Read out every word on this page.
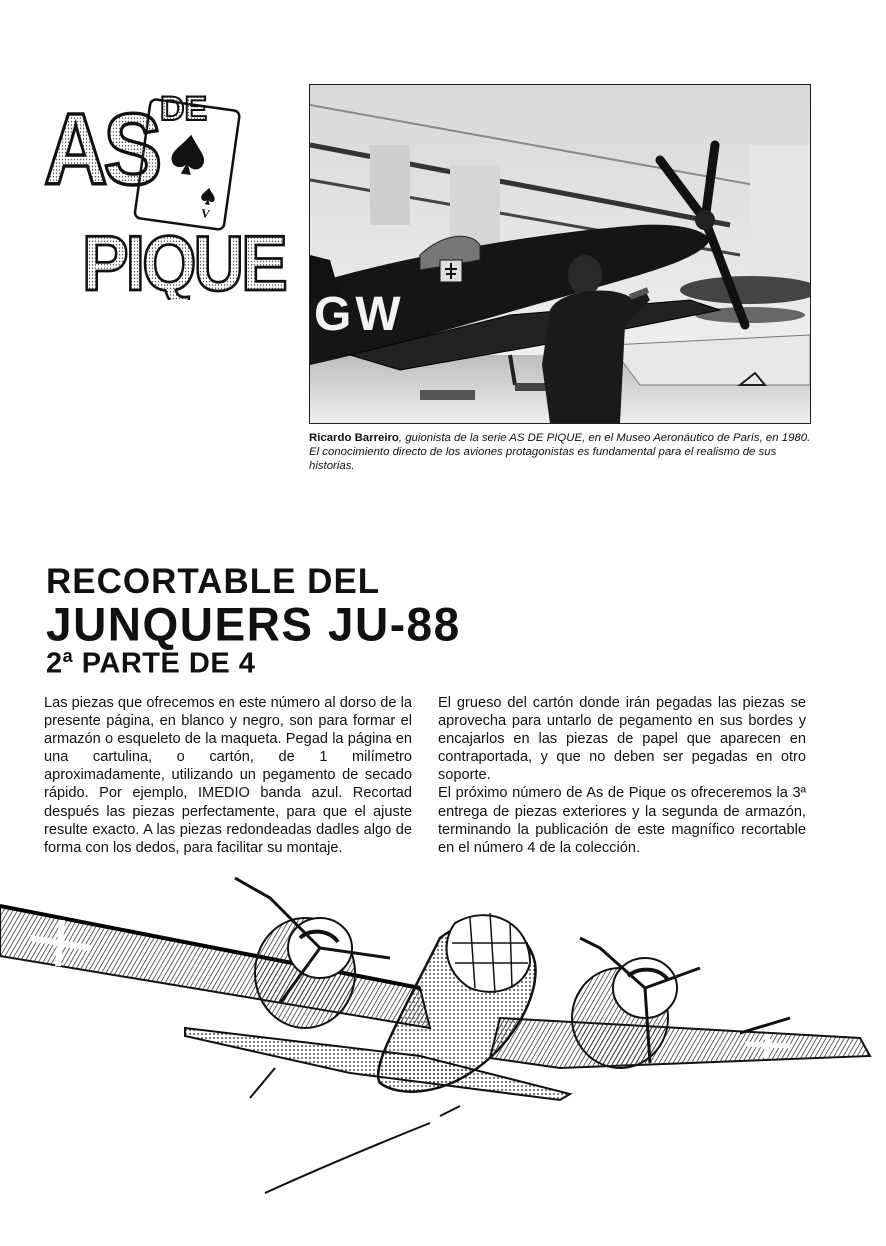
V
AS DE
PIQUE
GW
Ricardo Barreiro, guionista de la serie AS DE PIQUE, en el Museo Aeronáutico de París, en 1980. El conocimiento directo de los aviones protagonistas es fundamental para el realismo de sus historias.
RECORTABLE DEL
JUNQUERS JU-88
2$^a$ PARTE DE 4

Las piezas que ofrecemos en este número al dorso de la presente página, en blanco y negro, son para formar el armazón o esqueleto de la maqueta. Pegad la página en una cartulina, o cartón, de 1 milímetro aproximadamente, utilizando un pegamento de secado rápido. Por ejemplo, IMEDIO banda azul. Recortad después las piezas perfectamente, para que el ajuste resulte exacto. A las piezas redondeadas dadles algo de forma con los dedos, para facilitar su montaje.

El grueso del cartón donde irán pegadas las piezas se aprovecha para untarlo de pegamento en sus bordes y encajarlos en las piezas de papel que aparecen en contraportada, y que no deben ser pegadas en otro soporte.

El próximo número de As de Pique os ofreceremos la 3ª entrega de piezas exteriores y la segunda de armazón, terminando la publicación de este magnífico recortable en el número 4 de la colección.
